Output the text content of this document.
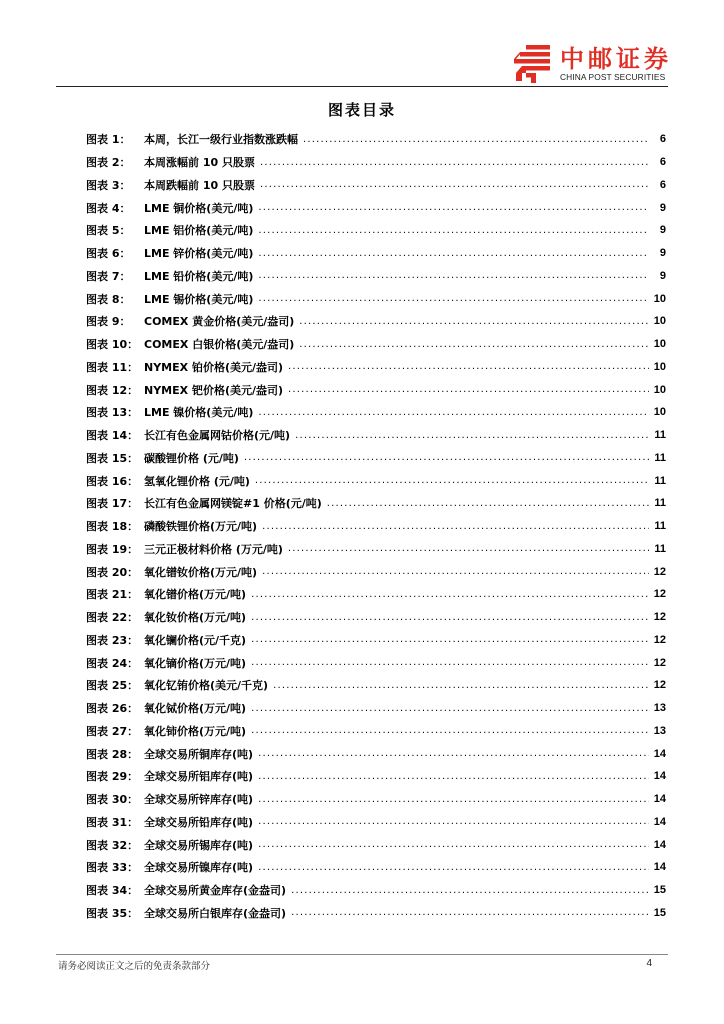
中邮证券
CHINA POST SECURITIES
图表目录
图表 1：	本周，长江一级行业指数涨跌幅 .....	6
图表 2：	本周涨幅前 10 只股票 .....	6
图表 3：	本周跌幅前 10 只股票 .....	6
图表 4：	LME 铜价格(美元/吨) .....	9
图表 5：	LME 铝价格(美元/吨) .....	9
图表 6：	LME 锌价格(美元/吨) .....	9
图表 7：	LME 铅价格(美元/吨) .....	9
图表 8：	LME 锡价格(美元/吨) .....	10
图表 9：	COMEX 黄金价格(美元/盎司) .....	10
图表 10： COMEX 白银价格(美元/盎司) .....	10
图表 11： NYMEX 铂价格(美元/盎司) .....	10
图表 12： NYMEX 钯价格(美元/盎司) .....	10
图表 13： LME 镍价格(美元/吨) .....	10
图表 14： 长江有色金属网钴价格(元/吨) .....	11
图表 15： 碳酸锂价格 (元/吨) .....	11
图表 16： 氢氧化锂价格 (元/吨) .....	11
图表 17： 长江有色金属网镁锭#1 价格(元/吨) .....	11
图表 18： 磷酸铁锂价格(万元/吨) .....	11
图表 19： 三元正极材料价格 (万元/吨) .....	11
图表 20： 氧化镨钕价格(万元/吨) .....	12
图表 21： 氧化镨价格(万元/吨) .....	12
图表 22： 氧化钕价格(万元/吨) .....	12
图表 23： 氧化镧价格(元/千克) .....	12
图表 24： 氧化镝价格(万元/吨) .....	12
图表 25： 氧化钇铕价格(美元/千克) .....	12
图表 26： 氧化铽价格(万元/吨) .....	13
图表 27： 氧化铈价格(万元/吨) .....	13
图表 28： 全球交易所铜库存(吨) .....	14
图表 29： 全球交易所铝库存(吨) .....	14
图表 30： 全球交易所锌库存(吨) .....	14
图表 31： 全球交易所铅库存(吨) .....	14
图表 32： 全球交易所锡库存(吨) .....	14
图表 33： 全球交易所镍库存(吨) .....	14
图表 34： 全球交易所黄金库存(金盎司) .....	15
图表 35： 全球交易所白银库存(金盎司) .....	15
请务必阅读正文之后的免责条款部分	4
